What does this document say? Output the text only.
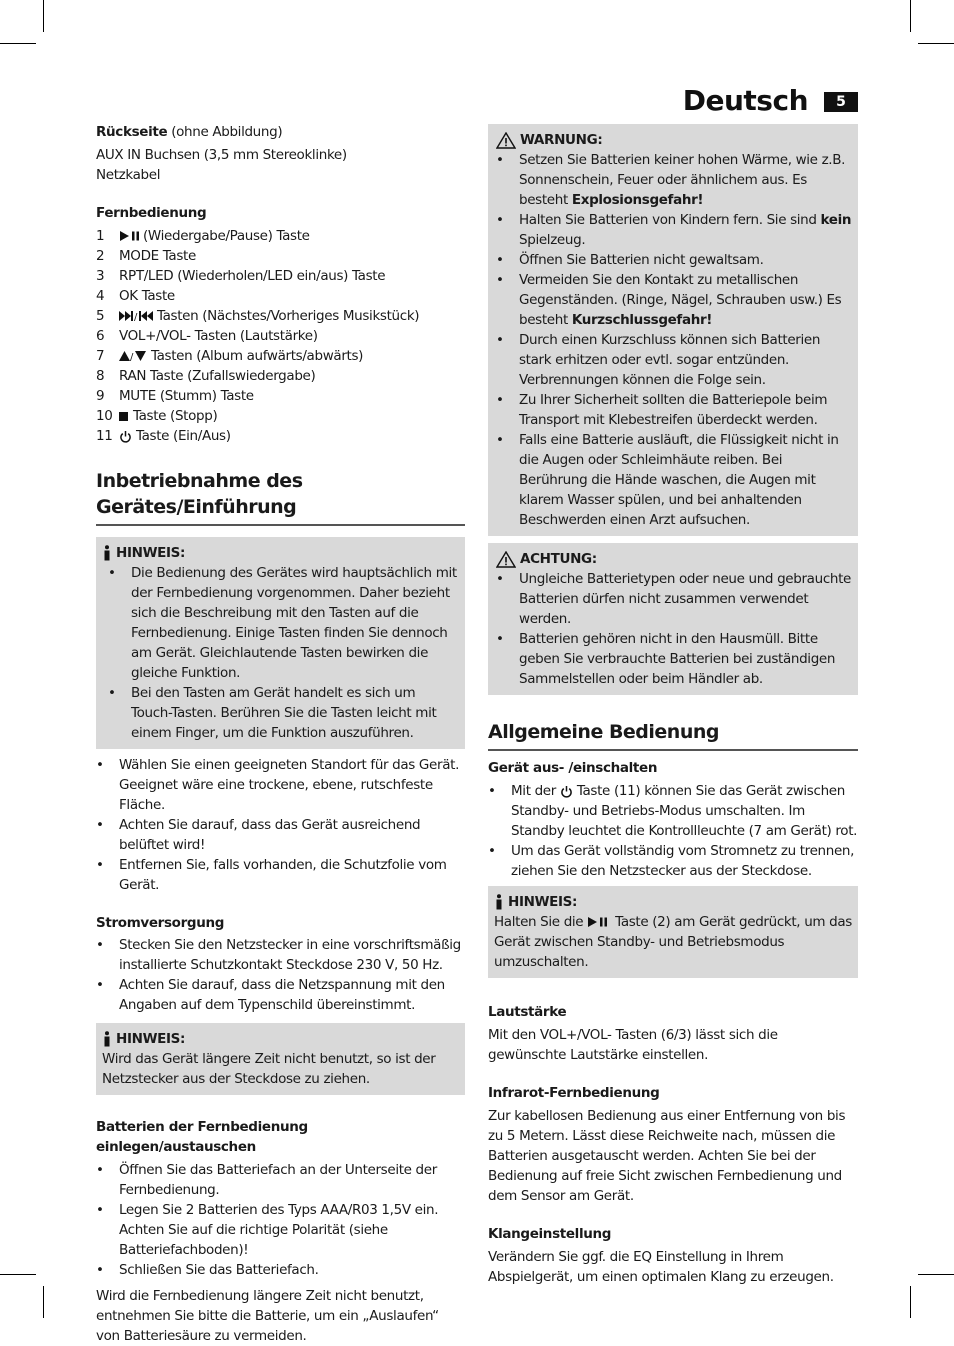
Deutsch	5

Rückseite (ohne Abbildung)

AUX IN Buchsen (3,5 mm Stereoklinke)

Netzkabel

Fernbedienung

1	(Wiedergabe/Pause) Taste
2	MODE Taste
3	RPT/LED (Wiederholen/LED ein/aus) Taste
4	OK Taste
5	/ Tasten (Nächstes/Vorheriges Musikstück)
6	VOL+/VOL- Tasten (Lautstärke)
7	/ Tasten (Album aufwärts/abwärts)
8	RAN Taste (Zufallswiedergabe)
9	MUTE (Stumm) Taste
10	Taste (Stopp)
11	Taste (Ein/Aus)
Inbetriebnahme des Gerätes/Einführung
HINWEIS:
• Die Bedienung des Gerätes wird hauptsächlich mit der Fernbedienung vorgenommen. Daher bezieht sich die Beschreibung mit den Tasten auf die Fernbedienung. Einige Tasten finden Sie dennoch am Gerät. Gleichlautende Tasten bewirken die gleiche Funktion.
• Bei den Tasten am Gerät handelt es sich um Touch-Tasten. Berühren Sie die Tasten leicht mit einem Finger, um die Funktion auszuführen.
• Wählen Sie einen geeigneten Standort für das Gerät. Geeignet wäre eine trockene, ebene, rutschfeste Fläche.
• Achten Sie darauf, dass das Gerät ausreichend belüftet wird!
• Entfernen Sie, falls vorhanden, die Schutzfolie vom Gerät.

Stromversorgung

• Stecken Sie den Netzstecker in eine vorschriftsmäßig installierte Schutzkontakt Steckdose 230 V, 50 Hz.
• Achten Sie darauf, dass die Netzspannung mit den Angaben auf dem Typenschild übereinstimmt.
HINWEIS:

Wird das Gerät längere Zeit nicht benutzt, so ist der Netzstecker aus der Steckdose zu ziehen.

Batterien der Fernbedienung einlegen/austauschen

• Öffnen Sie das Batteriefach an der Unterseite der Fernbedienung.
• Legen Sie 2 Batterien des Typs AAA/R03 1,5V ein. Achten Sie auf die richtige Polarität (siehe Batteriefachboden)!
• Schließen Sie das Batteriefach.

Wird die Fernbedienung längere Zeit nicht benutzt, entnehmen Sie bitte die Batterie, um ein „Auslaufen“ von Batteriesäure zu vermeiden.

WARNUNG:
• Setzen Sie Batterien keiner hohen Wärme, wie z.B. Sonnenschein, Feuer oder ähnlichem aus. Es besteht Explosionsgefahr!
• Halten Sie Batterien von Kindern fern. Sie sind kein Spielzeug.
• Öffnen Sie Batterien nicht gewaltsam.
• Vermeiden Sie den Kontakt zu metallischen Gegenständen. (Ringe, Nägel, Schrauben usw.) Es besteht Kurzschlussgefahr!
• Durch einen Kurzschluss können sich Batterien stark erhitzen oder evtl. sogar entzünden. Verbrennungen können die Folge sein.
• Zu Ihrer Sicherheit sollten die Batteriepole beim Transport mit Klebestreifen überdeckt werden.
• Falls eine Batterie ausläuft, die Flüssigkeit nicht in die Augen oder Schleimhäute reiben. Bei Berührung die Hände waschen, die Augen mit klarem Wasser spülen, und bei anhaltenden Beschwerden einen Arzt aufsuchen.
ACHTUNG:
• Ungleiche Batterietypen oder neue und gebrauchte Batterien dürfen nicht zusammen verwendet werden.
• Batterien gehören nicht in den Hausmüll. Bitte geben Sie verbrauchte Batterien bei zuständigen Sammelstellen oder beim Händler ab.
Allgemeine Bedienung

Gerät aus- /einschalten

• Mit der  Taste (11) können Sie das Gerät zwischen Standby- und Betriebs-Modus umschalten. Im Standby leuchtet die Kontrollleuchte (7 am Gerät) rot.
• Um das Gerät vollständig vom Stromnetz zu trennen, ziehen Sie den Netzstecker aus der Steckdose.
HINWEIS:

Halten Sie die  Taste (2) am Gerät gedrückt, um das Gerät zwischen Standby- und Betriebsmodus umzuschalten.

Lautstärke

Mit den VOL+/VOL- Tasten (6/3) lässt sich die gewünschte Lautstärke einstellen.

Infrarot-Fernbedienung

Zur kabellosen Bedienung aus einer Entfernung von bis zu 5 Metern. Lässt diese Reichweite nach, müssen die Batterien ausgetauscht werden. Achten Sie bei der Bedienung auf freie Sicht zwischen Fernbedienung und dem Sensor am Gerät.

Klangeinstellung

Verändern Sie ggf. die EQ Einstellung in Ihrem Abspielgerät, um einen optimalen Klang zu erzeugen.
